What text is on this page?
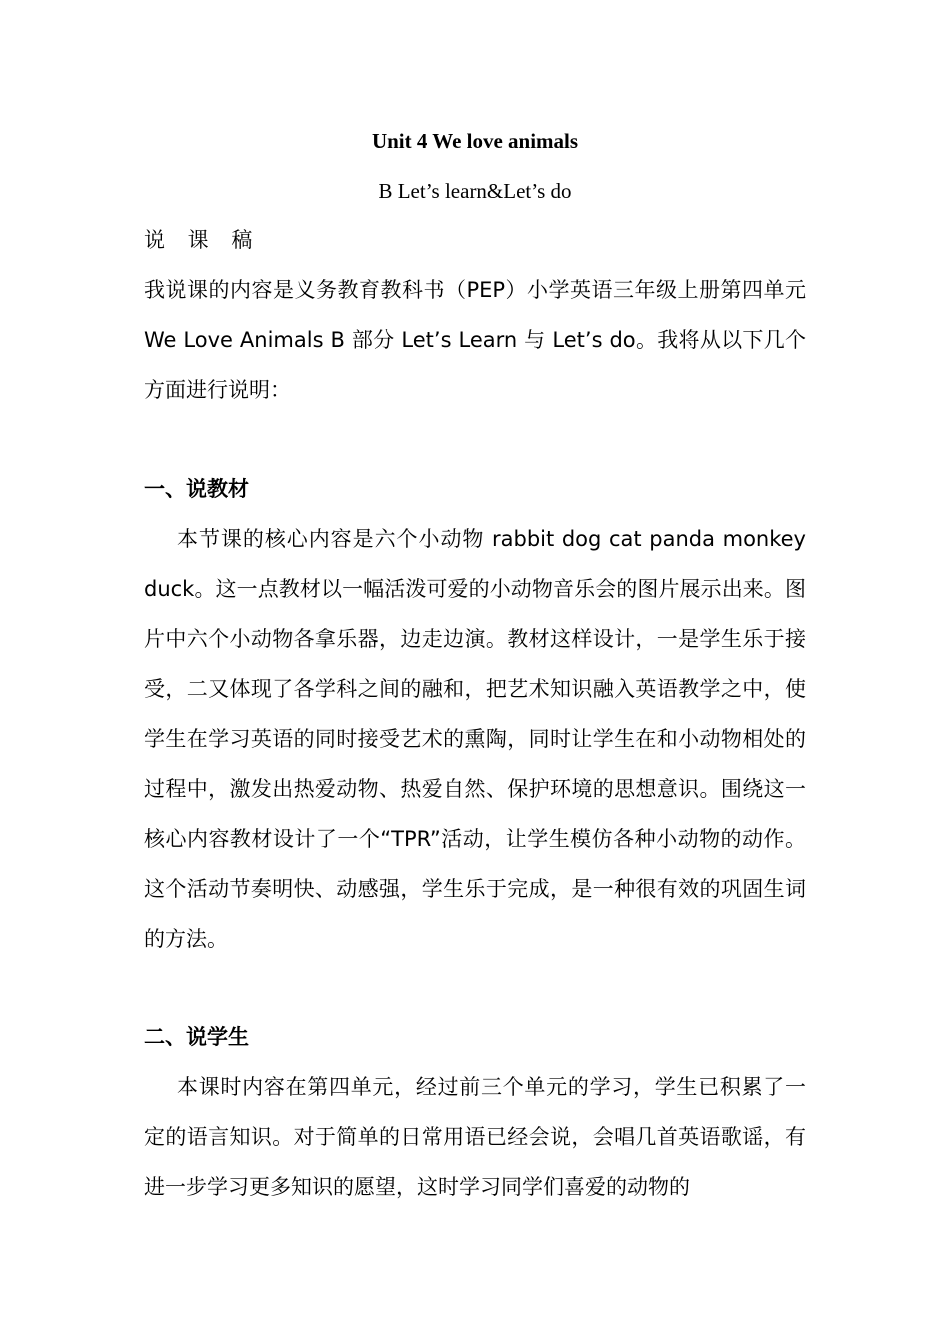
Unit 4 We love animals
B Let’s learn&Let’s do
说 课 稿

我说课的内容是义务教育教科书（PEP）小学英语三年级上册第四单元 We Love Animals B 部分 Let’s Learn 与 Let’s do。我将从以下几个方面进行说明：

一、说教材

本节课的核心内容是六个小动物 rabbit dog cat panda monkey duck。这一点教材以一幅活泼可爱的小动物音乐会的图片展示出来。图片中六个小动物各拿乐器，边走边演。教材这样设计，一是学生乐于接受，二又体现了各学科之间的融和，把艺术知识融入英语教学之中，使学生在学习英语的同时接受艺术的熏陶，同时让学生在和小动物相处的过程中，激发出热爱动物、热爱自然、保护环境的思想意识。围绕这一核心内容教材设计了一个“TPR”活动，让学生模仿各种小动物的动作。这个活动节奏明快、动感强，学生乐于完成，是一种很有效的巩固生词的方法。

二、说学生

本课时内容在第四单元，经过前三个单元的学习，学生已积累了一定的语言知识。对于简单的日常用语已经会说，会唱几首英语歌谣，有进一步学习更多知识的愿望，这时学习同学们喜爱的动物的
